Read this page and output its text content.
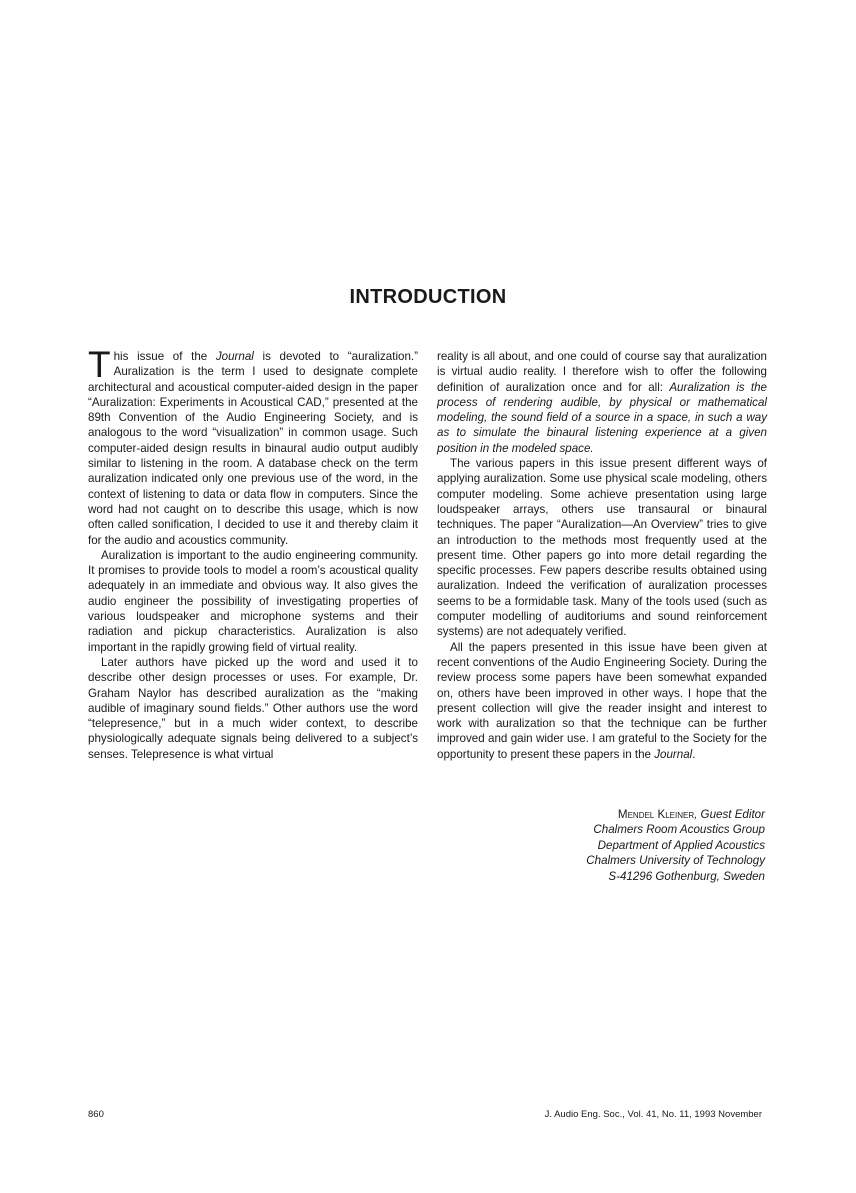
INTRODUCTION

This issue of the Journal is devoted to “auralization.” Auralization is the term I used to designate complete architectural and acoustical computer-aided design in the paper “Auralization: Experiments in Acoustical CAD,” presented at the 89th Convention of the Audio Engineering Society, and is analogous to the word “visualization” in common usage. Such computer-aided design results in binaural audio output audibly similar to listening in the room. A database check on the term auralization indicated only one previous use of the word, in the context of listening to data or data flow in computers. Since the word had not caught on to describe this usage, which is now often called sonification, I decided to use it and thereby claim it for the audio and acoustics community.

Auralization is important to the audio engineering community. It promises to provide tools to model a room’s acoustical quality adequately in an immediate and obvious way. It also gives the audio engineer the possibility of investigating properties of various loudspeaker and microphone systems and their radiation and pickup characteristics. Auralization is also important in the rapidly growing field of virtual reality.

Later authors have picked up the word and used it to describe other design processes or uses. For example, Dr. Graham Naylor has described auralization as the “making audible of imaginary sound fields.” Other authors use the word “telepresence,” but in a much wider context, to describe physiologically adequate signals being delivered to a subject’s senses. Telepresence is what virtual

reality is all about, and one could of course say that auralization is virtual audio reality. I therefore wish to offer the following definition of auralization once and for all: Auralization is the process of rendering audible, by physical or mathematical modeling, the sound field of a source in a space, in such a way as to simulate the binaural listening experience at a given position in the modeled space.

The various papers in this issue present different ways of applying auralization. Some use physical scale modeling, others computer modeling. Some achieve presentation using large loudspeaker arrays, others use transaural or binaural techniques. The paper “Auralization—An Overview” tries to give an introduction to the methods most frequently used at the present time. Other papers go into more detail regarding the specific processes. Few papers describe results obtained using auralization. Indeed the verification of auralization processes seems to be a formidable task. Many of the tools used (such as computer modelling of auditoriums and sound reinforcement systems) are not adequately verified.

All the papers presented in this issue have been given at recent conventions of the Audio Engineering Society. During the review process some papers have been somewhat expanded on, others have been improved in other ways. I hope that the present collection will give the reader insight and interest to work with auralization so that the technique can be further improved and gain wider use. I am grateful to the Society for the opportunity to present these papers in the Journal.

Mendel Kleiner, Guest Editor
Chalmers Room Acoustics Group
Department of Applied Acoustics
Chalmers University of Technology
S-41296 Gothenburg, Sweden
860	J. Audio Eng. Soc., Vol. 41, No. 11, 1993 November
